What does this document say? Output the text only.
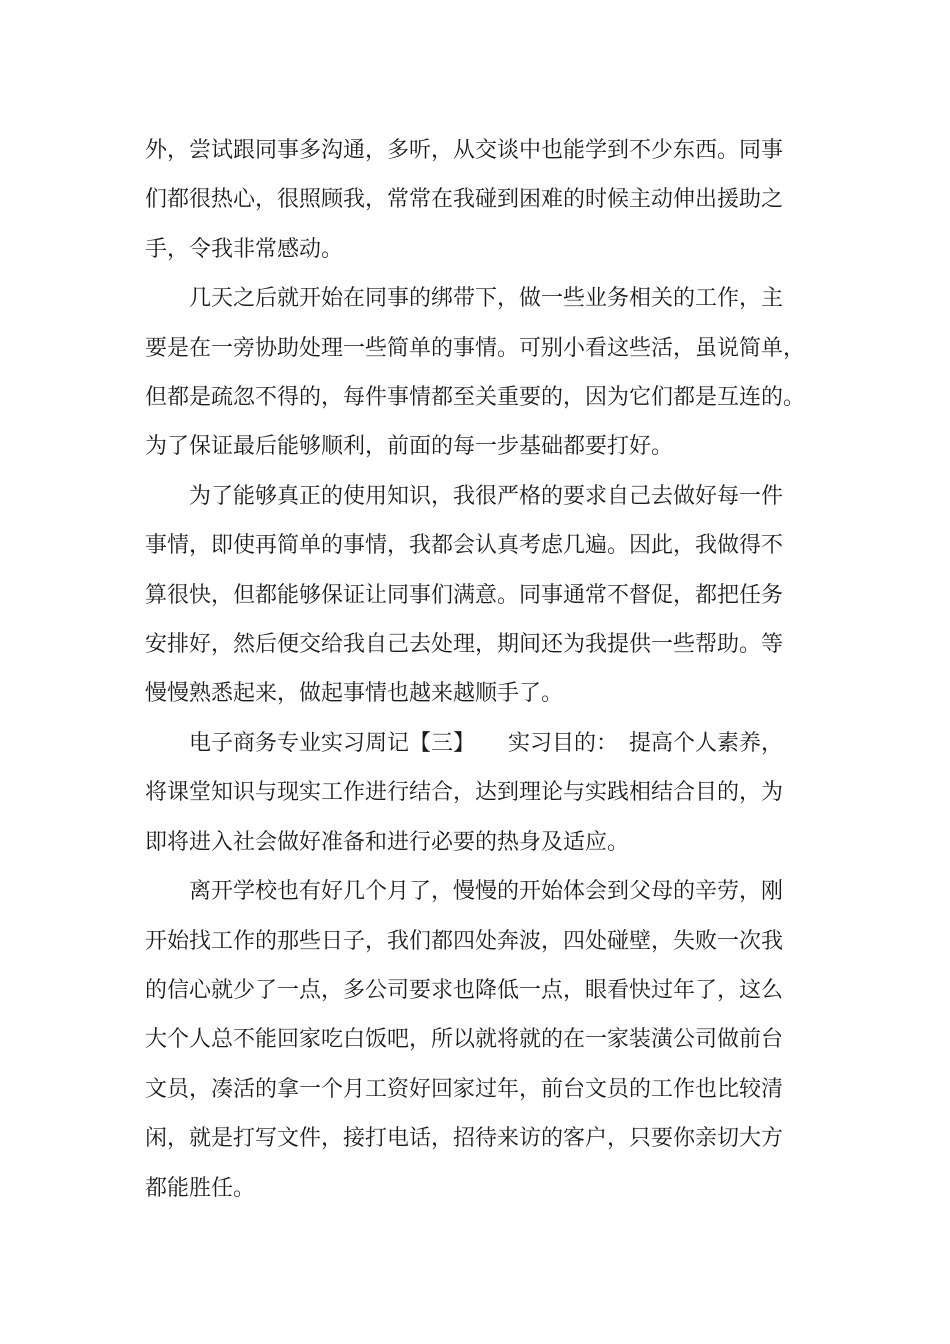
外，尝试跟同事多沟通，多听，从交谈中也能学到不少东西。同事
们都很热心，很照顾我，常常在我碰到困难的时候主动伸出援助之
手，令我非常感动。

几天之后就开始在同事的绑带下，做一些业务相关的工作，主
要是在一旁协助处理一些简单的事情。可别小看这些活，虽说简单，
但都是疏忽不得的，每件事情都至关重要的，因为它们都是互连的。
为了保证最后能够顺利，前面的每一步基础都要打好。

为了能够真正的使用知识，我很严格的要求自己去做好每一件
事情，即使再简单的事情，我都会认真考虑几遍。因此，我做得不
算很快，但都能够保证让同事们满意。同事通常不督促，都把任务
安排好，然后便交给我自己去处理，期间还为我提供一些帮助。等
慢慢熟悉起来，做起事情也越来越顺手了。

电子商务专业实习周记【三】　　实习目的：　提高个人素养，
将课堂知识与现实工作进行结合，达到理论与实践相结合目的，为
即将进入社会做好准备和进行必要的热身及适应。

离开学校也有好几个月了，慢慢的开始体会到父母的辛劳，刚
开始找工作的那些日子，我们都四处奔波，四处碰壁，失败一次我
的信心就少了一点，多公司要求也降低一点，眼看快过年了，这么
大个人总不能回家吃白饭吧，所以就将就的在一家装潢公司做前台
文员，凑活的拿一个月工资好回家过年，前台文员的工作也比较清
闲，就是打写文件，接打电话，招待来访的客户，只要你亲切大方
都能胜任。
